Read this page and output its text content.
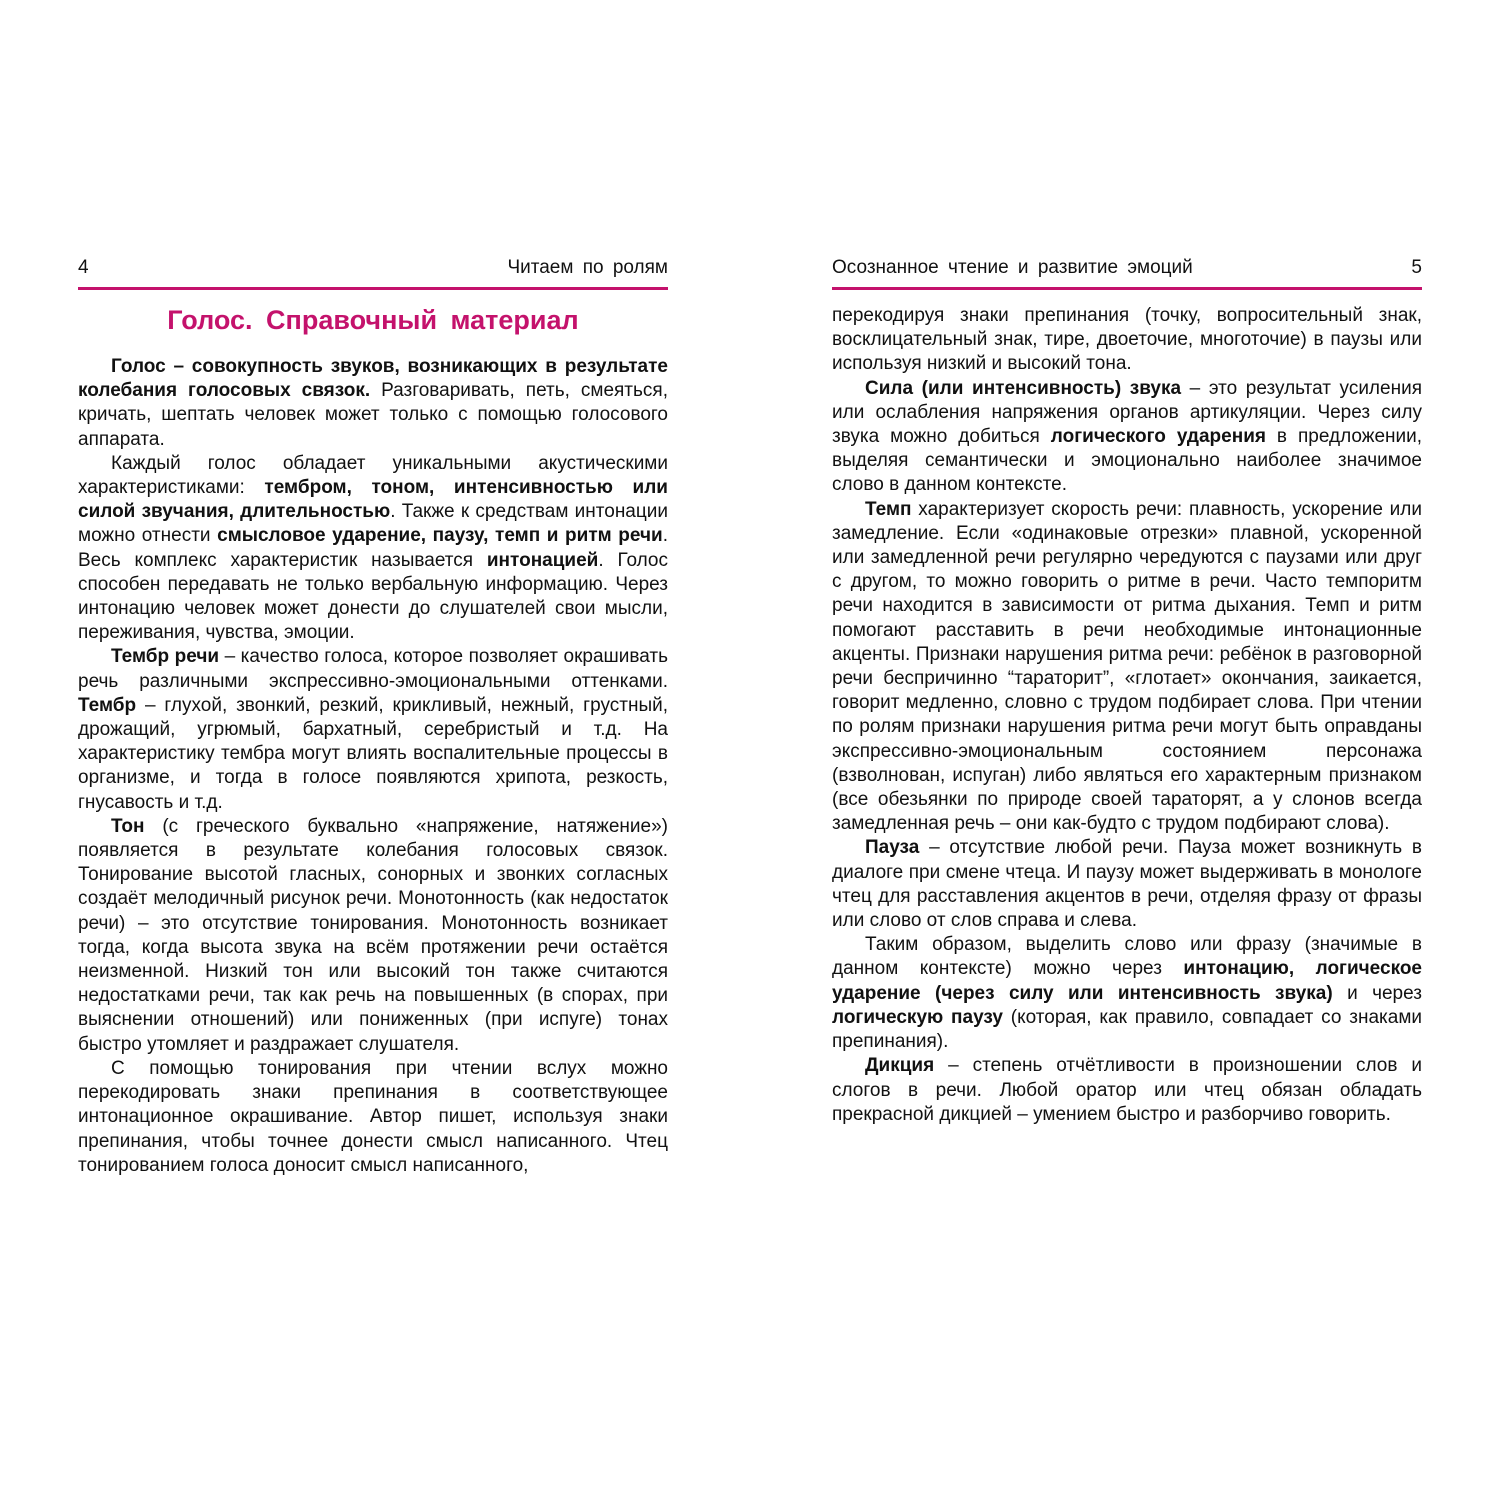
4	Читаем по ролям
Голос. Справочный материал

Голос – совокупность звуков, возникающих в результате колебания голосовых связок. Разговаривать, петь, смеяться, кричать, шептать человек может только с помощью голосового аппарата.

Каждый голос обладает уникальными акустическими характеристиками: тембром, тоном, интенсивностью или силой звучания, длительностью. Также к средствам интонации можно отнести смысловое ударение, паузу, темп и ритм речи. Весь комплекс характеристик называется интонацией. Голос способен передавать не только вербальную информацию. Через интонацию человек может донести до слушателей свои мысли, переживания, чувства, эмоции.

Тембр речи – качество голоса, которое позволяет окрашивать речь различными экспрессивно-эмоциональными оттенками. Тембр – глухой, звонкий, резкий, крикливый, нежный, грустный, дрожащий, угрюмый, бархатный, серебристый и т.д. На характеристику тембра могут влиять воспалительные процессы в организме, и тогда в голосе появляются хрипота, резкость, гнусавость и т.д.

Тон (с греческого буквально «напряжение, натяжение») появляется в результате колебания голосовых связок. Тонирование высотой гласных, сонорных и звонких согласных создаёт мелодичный рисунок речи. Монотонность (как недостаток речи) – это отсутствие тонирования. Монотонность возникает тогда, когда высота звука на всём протяжении речи остаётся неизменной. Низкий тон или высокий тон также считаются недостатками речи, так как речь на повышенных (в спорах, при выяснении отношений) или пониженных (при испуге) тонах быстро утомляет и раздражает слушателя.

С помощью тонирования при чтении вслух можно перекодировать знаки препинания в соответствующее интонационное окрашивание. Автор пишет, используя знаки препинания, чтобы точнее донести смысл написанного. Чтец тонированием голоса доносит смысл написанного,

Осознанное чтение и развитие эмоций	5

перекодируя знаки препинания (точку, вопросительный знак, восклицательный знак, тире, двоеточие, многоточие) в паузы или используя низкий и высокий тона.

Сила (или интенсивность) звука – это результат усиления или ослабления напряжения органов артикуляции. Через силу звука можно добиться логического ударения в предложении, выделяя семантически и эмоционально наиболее значимое слово в данном контексте.

Темп характеризует скорость речи: плавность, ускорение или замедление. Если «одинаковые отрезки» плавной, ускоренной или замедленной речи регулярно чередуются с паузами или друг с другом, то можно говорить о ритме в речи. Часто темпоритм речи находится в зависимости от ритма дыхания. Темп и ритм помогают расставить в речи необходимые интонационные акценты. Признаки нарушения ритма речи: ребёнок в разговорной речи беспричинно “тараторит”, «глотает» окончания, заикается, говорит медленно, словно с трудом подбирает слова. При чтении по ролям признаки нарушения ритма речи могут быть оправданы экспрессивно-эмоциональным состоянием персонажа (взволнован, испуган) либо являться его характерным признаком (все обезьянки по природе своей тараторят, а у слонов всегда замедленная речь – они как-будто с трудом подбирают слова).

Пауза – отсутствие любой речи. Пауза может возникнуть в диалоге при смене чтеца. И паузу может выдерживать в монологе чтец для расставления акцентов в речи, отделяя фразу от фразы или слово от слов справа и слева.

Таким образом, выделить слово или фразу (значимые в данном контексте) можно через интонацию, логическое ударение (через силу или интенсивность звука) и через логическую паузу (которая, как правило, совпадает со знаками препинания).

Дикция – степень отчётливости в произношении слов и слогов в речи. Любой оратор или чтец обязан обладать прекрасной дикцией – умением быстро и разборчиво говорить.
